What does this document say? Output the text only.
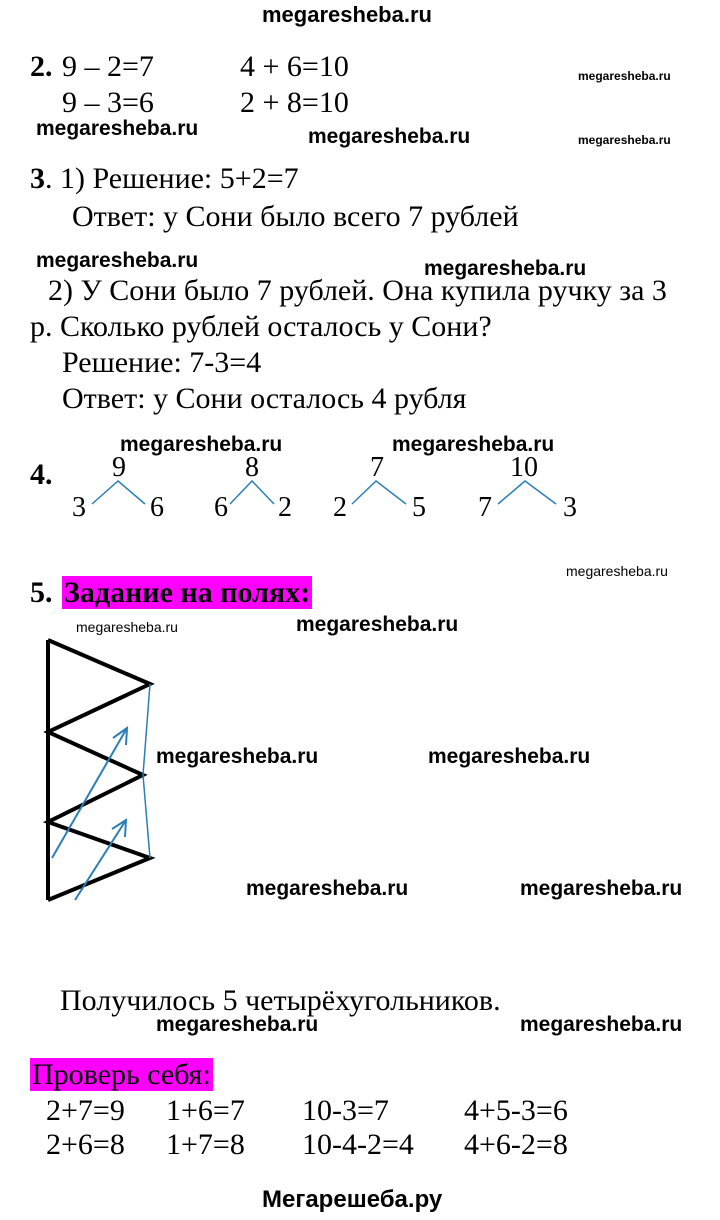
megaresheba.ru
2. 9 – 2=7	4 + 6=10
9 – 3=6	2 + 8=10
megaresheba.ru
megaresheba.ru	megaresheba.ru	megaresheba.ru
3. 1) Решение: 5+2=7
Ответ: у Сони было всего 7 рублей
megaresheba.ru	megaresheba.ru
2) У Сони было 7 рублей. Она купила ручку за 3
р. Сколько рублей осталось у Сони?
Решение: 7-3=4
Ответ: у Сони осталось 4 рубля
megaresheba.ru	megaresheba.ru
4. 9
3 6
8
6 2
7
2 5
10
7	3
megaresheba.ru
5. Задание на полях:
megaresheba.ru	megaresheba.ru
megaresheba.ru	megaresheba.ru
megaresheba.ru	megaresheba.ru
Получилось 5 четырёхугольников.
megaresheba.ru	megaresheba.ru
Проверь себя:
2+7=9 1+6=7 10-3=7	4+5-3=6
2+6=8 1+7=8 10-4-2=4 4+6-2=8
Мегарешеба.ру
